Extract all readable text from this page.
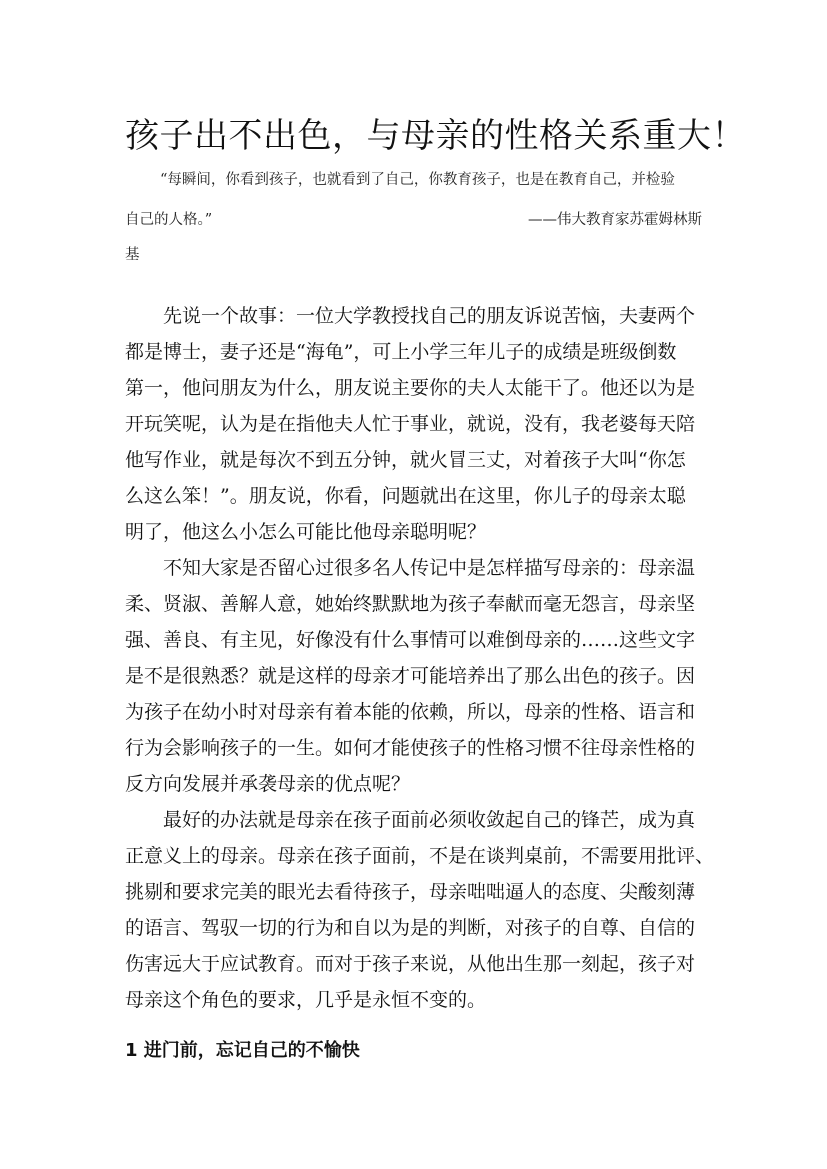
孩子出不出色，与母亲的性格关系重大！
“每瞬间，你看到孩子，也就看到了自己，你教育孩子，也是在教育自己，并检验
自己的人格。”	——伟大教育家苏霍姆林斯
基
先说一个故事：一位大学教授找自己的朋友诉说苦恼，夫妻两个
都是博士，妻子还是“海龟”，可上小学三年儿子的成绩是班级倒数
第一，他问朋友为什么，朋友说主要你的夫人太能干了。他还以为是
开玩笑呢，认为是在指他夫人忙于事业，就说，没有，我老婆每天陪
他写作业，就是每次不到五分钟，就火冒三丈，对着孩子大叫“你怎
么这么笨！”。朋友说，你看，问题就出在这里，你儿子的母亲太聪
明了，他这么小怎么可能比他母亲聪明呢？
不知大家是否留心过很多名人传记中是怎样描写母亲的：母亲温
柔、贤淑、善解人意，她始终默默地为孩子奉献而毫无怨言，母亲坚
强、善良、有主见，好像没有什么事情可以难倒母亲的……这些文字
是不是很熟悉？就是这样的母亲才可能培养出了那么出色的孩子。因
为孩子在幼小时对母亲有着本能的依赖，所以，母亲的性格、语言和
行为会影响孩子的一生。如何才能使孩子的性格习惯不往母亲性格的
反方向发展并承袭母亲的优点呢？
最好的办法就是母亲在孩子面前必须收敛起自己的锋芒，成为真
正意义上的母亲。母亲在孩子面前，不是在谈判桌前，不需要用批评、
挑剔和要求完美的眼光去看待孩子，母亲咄咄逼人的态度、尖酸刻薄
的语言、驾驭一切的行为和自以为是的判断，对孩子的自尊、自信的
伤害远大于应试教育。而对于孩子来说，从他出生那一刻起，孩子对
母亲这个角色的要求，几乎是永恒不变的。
1 进门前，忘记自己的不愉快
